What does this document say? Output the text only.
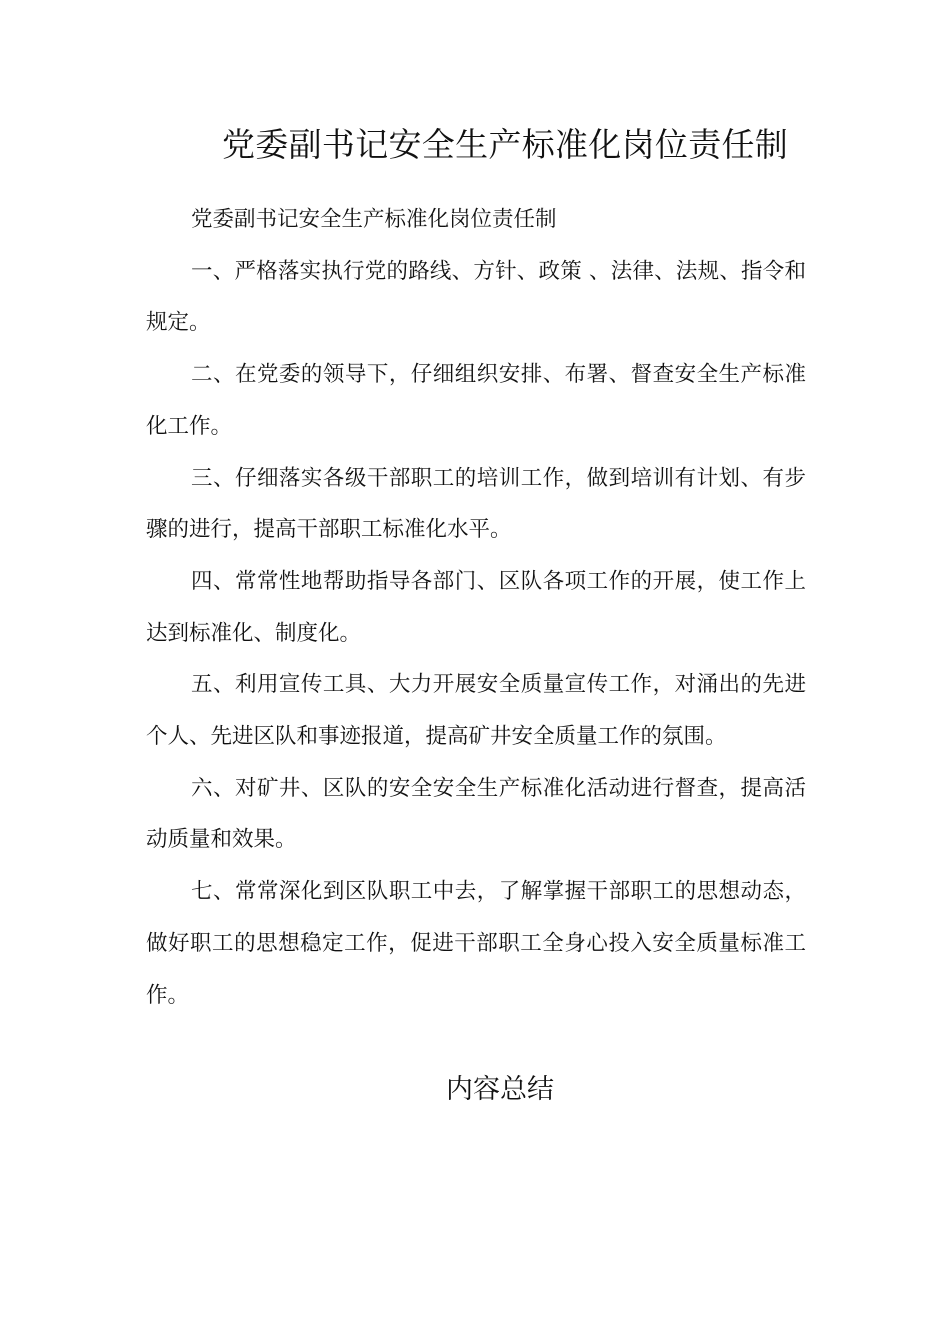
党委副书记安全生产标准化岗位责任制

党委副书记安全生产标准化岗位责任制

一、严格落实执行党的路线、方针、政策 、法律、法规、指令和规定。

二、在党委的领导下，仔细组织安排、布署、督查安全生产标准化工作。

三、仔细落实各级干部职工的培训工作，做到培训有计划、有步骤的进行，提高干部职工标准化水平。

四、常常性地帮助指导各部门、区队各项工作的开展，使工作上达到标准化、制度化。

五、利用宣传工具、大力开展安全质量宣传工作，对涌出的先进个人、先进区队和事迹报道，提高矿井安全质量工作的氛围。

六、对矿井、区队的安全安全生产标准化活动进行督查，提高活动质量和效果。

七、常常深化到区队职工中去，了解掌握干部职工的思想动态，做好职工的思想稳定工作，促进干部职工全身心投入安全质量标准工作。

内容总结
